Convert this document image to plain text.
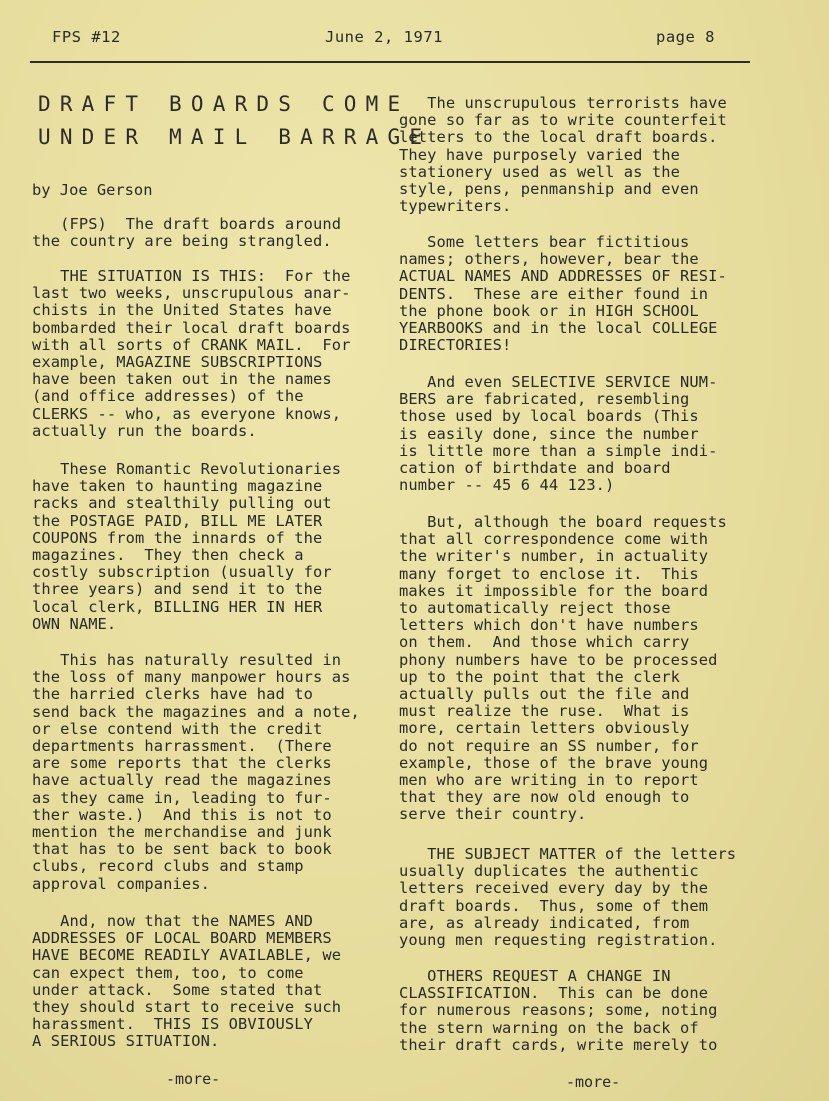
FPS #12	June 2, 1971	page 8
DRAFT BOARDS COME
UNDER MAIL BARRAGE
by Joe Gerson

(FPS)  The draft boards around
the country are being strangled.

THE SITUATION IS THIS:  For the
last two weeks, unscrupulous anar-
chists in the United States have
bombarded their local draft boards
with all sorts of CRANK MAIL.  For
example, MAGAZINE SUBSCRIPTIONS
have been taken out in the names
(and office addresses) of the
CLERKS -- who, as everyone knows,
actually run the boards.

These Romantic Revolutionaries
have taken to haunting magazine
racks and stealthily pulling out
the POSTAGE PAID, BILL ME LATER
COUPONS from the innards of the
magazines.  They then check a
costly subscription (usually for
three years) and send it to the
local clerk, BILLING HER IN HER
OWN NAME.

This has naturally resulted in
the loss of many manpower hours as
the harried clerks have had to
send back the magazines and a note,
or else contend with the credit
departments harrassment.  (There
are some reports that the clerks
have actually read the magazines
as they came in, leading to fur-
ther waste.)  And this is not to
mention the merchandise and junk
that has to be sent back to book
clubs, record clubs and stamp
approval companies.

And, now that the NAMES AND
ADDRESSES OF LOCAL BOARD MEMBERS
HAVE BECOME READILY AVAILABLE, we
can expect them, too, to come
under attack.  Some stated that
they should start to receive such
harassment.  THIS IS OBVIOUSLY
A SERIOUS SITUATION.

The unscrupulous terrorists have
gone so far as to write counterfeit
letters to the local draft boards.
They have purposely varied the
stationery used as well as the
style, pens, penmanship and even
typewriters.

Some letters bear fictitious
names; others, however, bear the
ACTUAL NAMES AND ADDRESSES OF RESI-
DENTS.  These are either found in
the phone book or in HIGH SCHOOL
YEARBOOKS and in the local COLLEGE
DIRECTORIES!

And even SELECTIVE SERVICE NUM-
BERS are fabricated, resembling
those used by local boards (This
is easily done, since the number
is little more than a simple indi-
cation of birthdate and board
number -- 45 6 44 123.)

But, although the board requests
that all correspondence come with
the writer's number, in actuality
many forget to enclose it.  This
makes it impossible for the board
to automatically reject those
letters which don't have numbers
on them.  And those which carry
phony numbers have to be processed
up to the point that the clerk
actually pulls out the file and
must realize the ruse.  What is
more, certain letters obviously
do not require an SS number, for
example, those of the brave young
men who are writing in to report
that they are now old enough to
serve their country.

THE SUBJECT MATTER of the letters
usually duplicates the authentic
letters received every day by the
draft boards.  Thus, some of them
are, as already indicated, from
young men requesting registration.

OTHERS REQUEST A CHANGE IN
CLASSIFICATION.  This can be done
for numerous reasons; some, noting
the stern warning on the back of
their draft cards, write merely to

-more-	-more-
